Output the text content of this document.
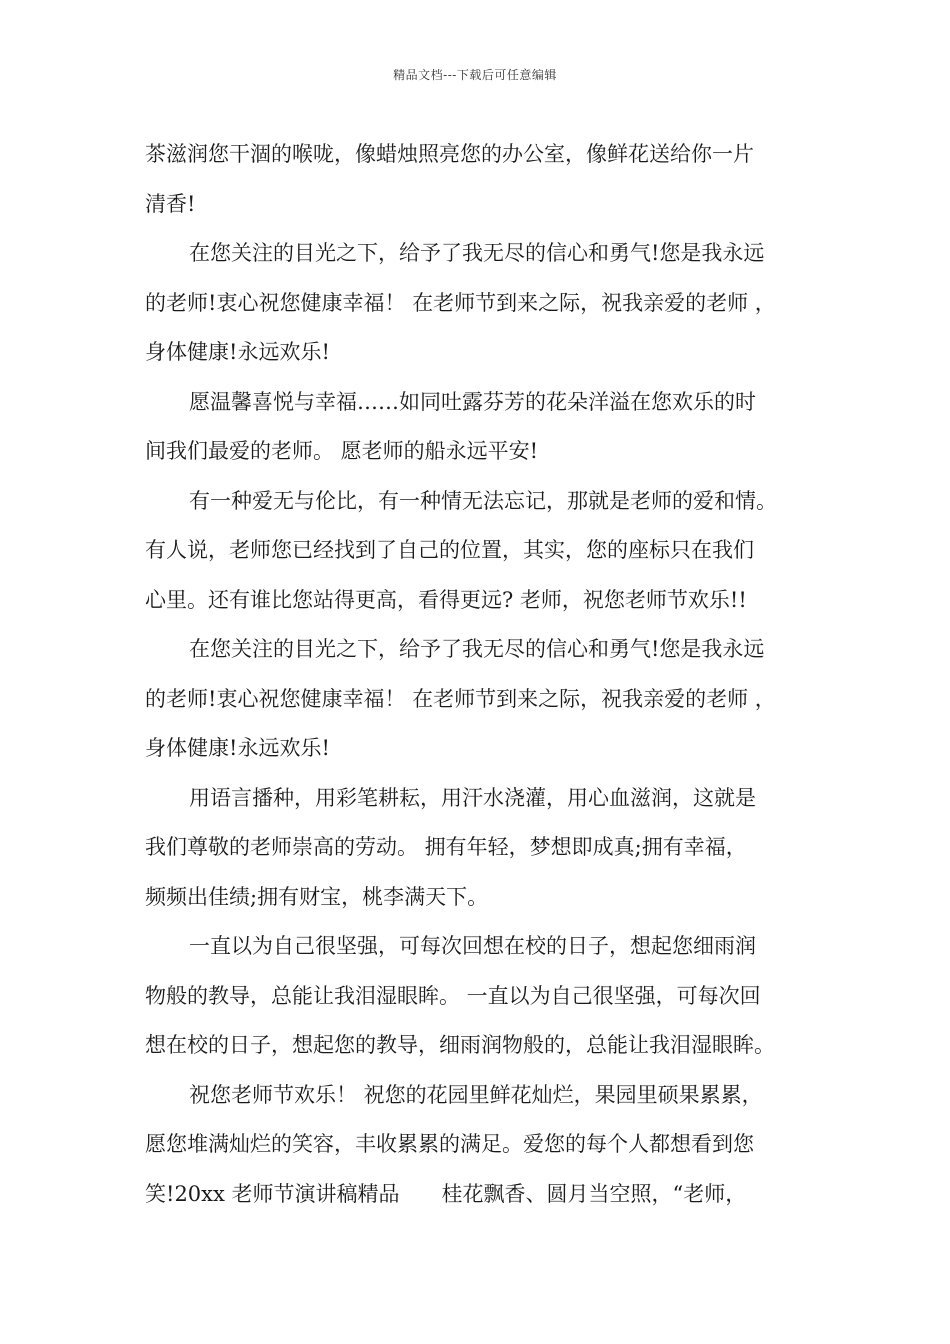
精品文档---下载后可任意编辑
茶滋润您干涸的喉咙，像蜡烛照亮您的办公室，像鲜花送给你一片
清香!
在您关注的目光之下，给予了我无尽的信心和勇气!您是我永远
的老师!衷心祝您健康幸福！ 在老师节到来之际，祝我亲爱的老师 ，
身体健康!永远欢乐!
愿温馨喜悦与幸福……如同吐露芬芳的花朵洋溢在您欢乐的时
间我们最爱的老师。 愿老师的船永远平安!
有一种爱无与伦比，有一种情无法忘记，那就是老师的爱和情。
有人说，老师您已经找到了自己的位置，其实，您的座标只在我们
心里。还有谁比您站得更高，看得更远? 老师，祝您老师节欢乐!!
在您关注的目光之下，给予了我无尽的信心和勇气!您是我永远
的老师!衷心祝您健康幸福！ 在老师节到来之际，祝我亲爱的老师 ，
身体健康!永远欢乐!
用语言播种，用彩笔耕耘，用汗水浇灌，用心血滋润，这就是
我们尊敬的老师崇高的劳动。 拥有年轻，梦想即成真;拥有幸福，
频频出佳绩;拥有财宝，桃李满天下。
一直以为自己很坚强，可每次回想在校的日子，想起您细雨润
物般的教导，总能让我泪湿眼眸。 一直以为自己很坚强，可每次回
想在校的日子，想起您的教导，细雨润物般的，总能让我泪湿眼眸。
祝您老师节欢乐！ 祝您的花园里鲜花灿烂，果园里硕果累累，
愿您堆满灿烂的笑容，丰收累累的满足。爱您的每个人都想看到您
笑!20xx 老师节演讲稿精品　　桂花飘香、圆月当空照，“老师，
